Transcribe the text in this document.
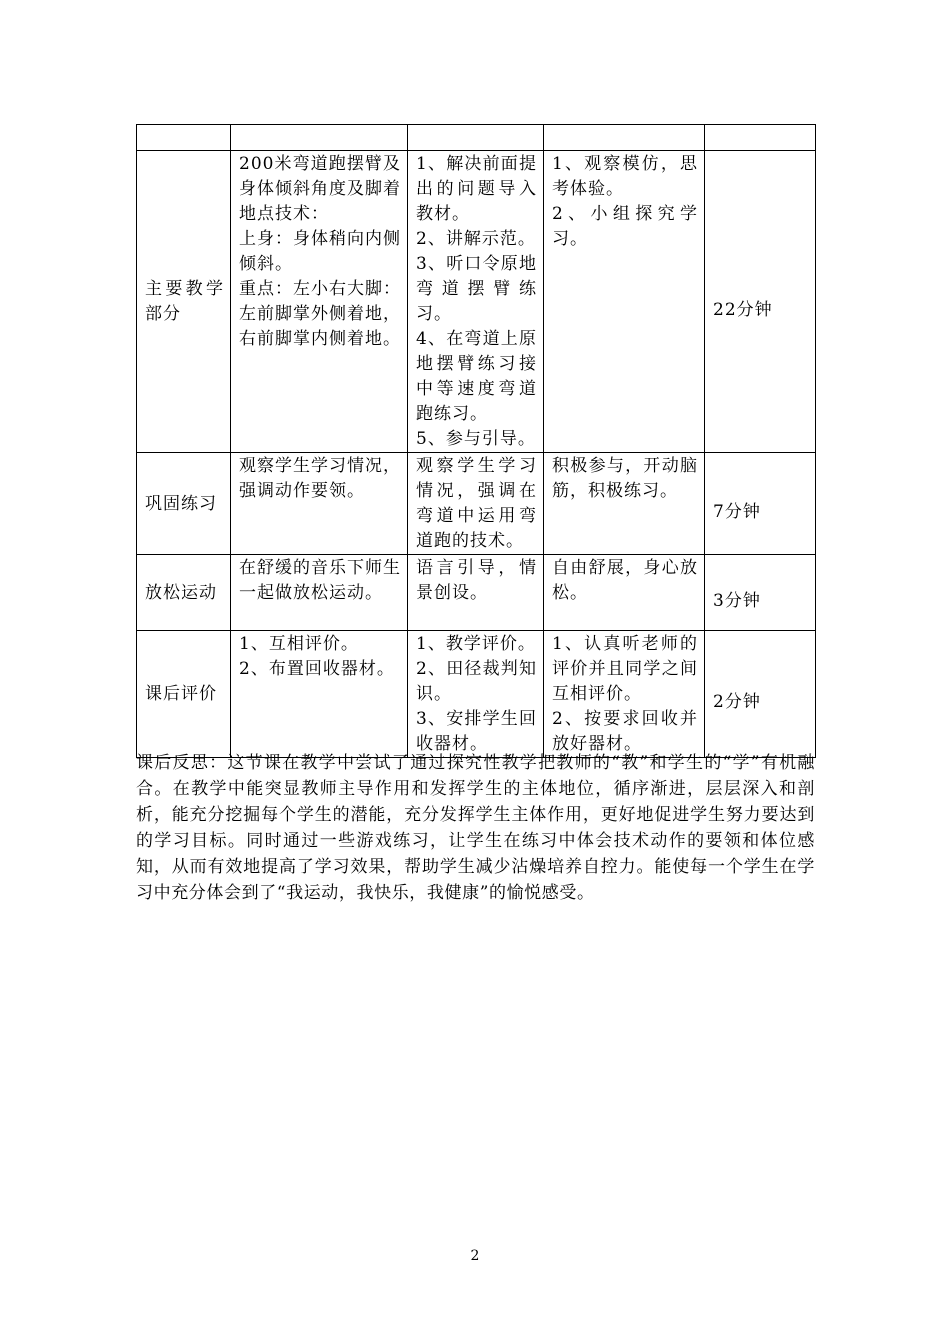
主要教学部分	200米弯道跑摆臂及身体倾斜角度及脚着地点技术：
上身：身体稍向内侧倾斜。
重点：左小右大脚：左前脚掌外侧着地，右前脚掌内侧着地。	1、解决前面提出的问题导入教材。
2、讲解示范。
3、听口令原地弯道摆臂练习。
4、在弯道上原地摆臂练习接中等速度弯道跑练习。
5、参与引导。	1、观察模仿，思考体验。
2、小组探究学习。	22分钟
巩固练习	观察学生学习情况，强调动作要领。	观察学生学习情况，强调在弯道中运用弯道跑的技术。	积极参与，开动脑筋，积极练习。	7分钟
放松运动	在舒缓的音乐下师生一起做放松运动。	语言引导，情景创设。	自由舒展，身心放松。	3分钟
课后评价	1、互相评价。
2、布置回收器材。	1、教学评价。
2、田径裁判知识。
3、安排学生回收器材。	1、认真听老师的评价并且同学之间互相评价。
2、按要求回收并放好器材。	2分钟

课后反思：这节课在教学中尝试了通过探究性教学把教师的“教”和学生的“学”有机融合。在教学中能突显教师主导作用和发挥学生的主体地位，循序渐进，层层深入和剖析，能充分挖掘每个学生的潜能，充分发挥学生主体作用，更好地促进学生努力要达到的学习目标。同时通过一些游戏练习，让学生在练习中体会技术动作的要领和体位感知，从而有效地提高了学习效果，帮助学生减少沾燥培养自控力。能使每一个学生在学习中充分体会到了“我运动，我快乐，我健康”的愉悦感受。

2
